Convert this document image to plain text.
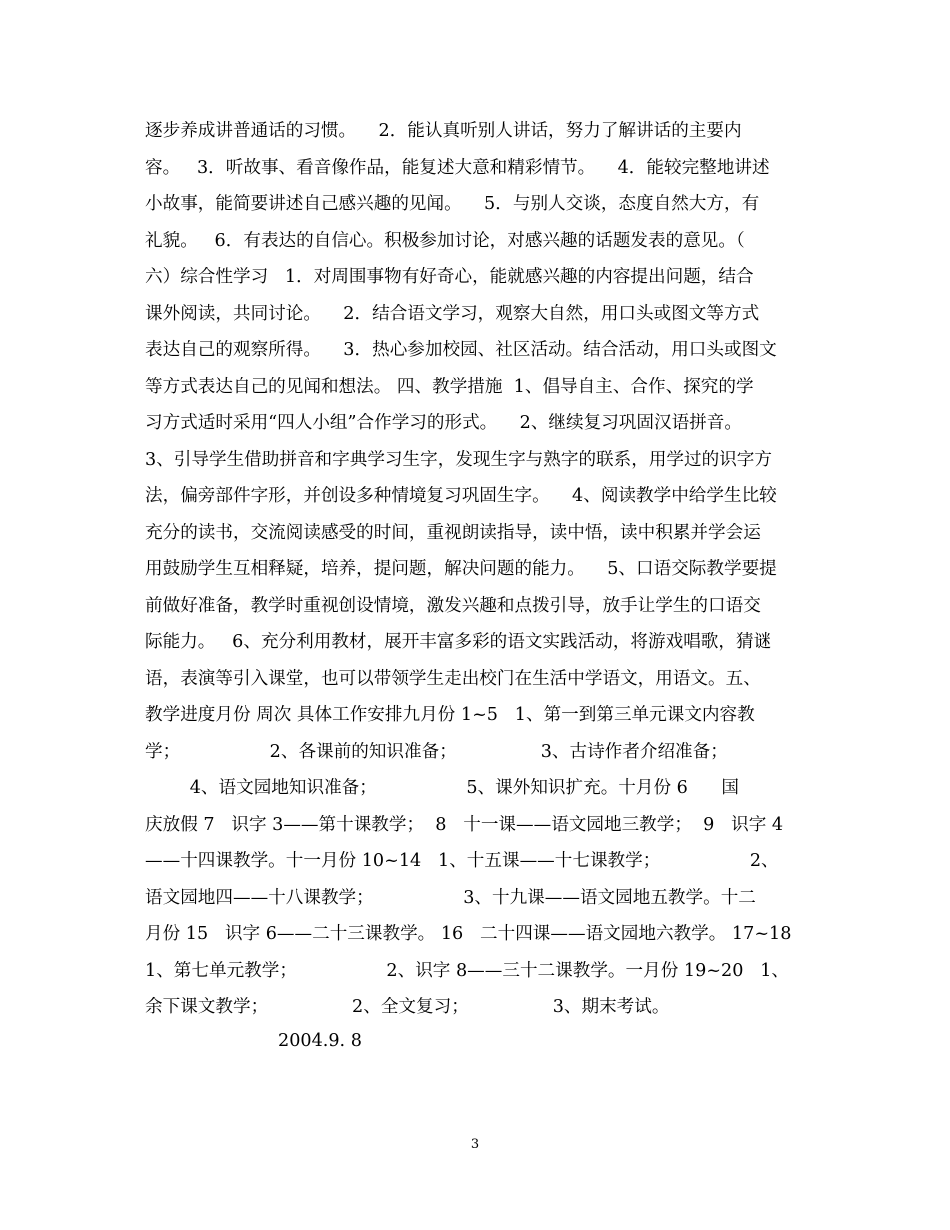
逐步养成讲普通话的习惯。    2．能认真听别人讲话，努力了解讲话的主要内
容。   3．听故事、看音像作品，能复述大意和精彩情节。    4．能较完整地讲述
小故事，能简要讲述自己感兴趣的见闻。    5．与别人交谈，态度自然大方，有
礼貌。   6．有表达的自信心。积极参加讨论，对感兴趣的话题发表的意见。（
六）综合性学习   1．对周围事物有好奇心，能就感兴趣的内容提出问题，结合
课外阅读，共同讨论。    2．结合语文学习，观察大自然，用口头或图文等方式
表达自己的观察所得。    3．热心参加校园、社区活动。结合活动，用口头或图文
等方式表达自己的见闻和想法。 四、教学措施  1、倡导自主、合作、探究的学
习方式适时采用“四人小组”合作学习的形式。    2、继续复习巩固汉语拼音。
3、引导学生借助拼音和字典学习生字，发现生字与熟字的联系，用学过的识字方
法，偏旁部件字形，并创设多种情境复习巩固生字。    4、阅读教学中给学生比较
充分的读书，交流阅读感受的时间，重视朗读指导，读中悟，读中积累并学会运
用鼓励学生互相释疑，培养，提问题，解决问题的能力。    5、口语交际教学要提
前做好准备，教学时重视创设情境，激发兴趣和点拨引导，放手让学生的口语交
际能力。   6、充分利用教材，展开丰富多彩的语文实践活动，将游戏唱歌，猜谜
语，表演等引入课堂，也可以带领学生走出校门在生活中学语文，用语文。五、
教学进度月份 周次 具体工作安排九月份 1~5   1、第一到第三单元课文内容教
学；                2、各课前的知识准备；               3、古诗作者介绍准备；
4、语文园地知识准备；                5、课外知识扩充。十月份 6      国
庆放假 7   识字 3——第十课教学；  8   十一课——语文园地三教学；  9   识字 4
——十四课教学。十一月份 10~14   1、十五课——十七课教学；                2、
语文园地四——十八课教学；                3、十九课——语文园地五教学。十二
月份 15   识字 6——二十三课教学。 16   二十四课——语文园地六教学。 17~18
1、第七单元教学；                2、识字 8——三十二课教学。一月份 19~20   1、
余下课文教学；               2、全文复习；               3、期末考试。
2004.9. 8
3
